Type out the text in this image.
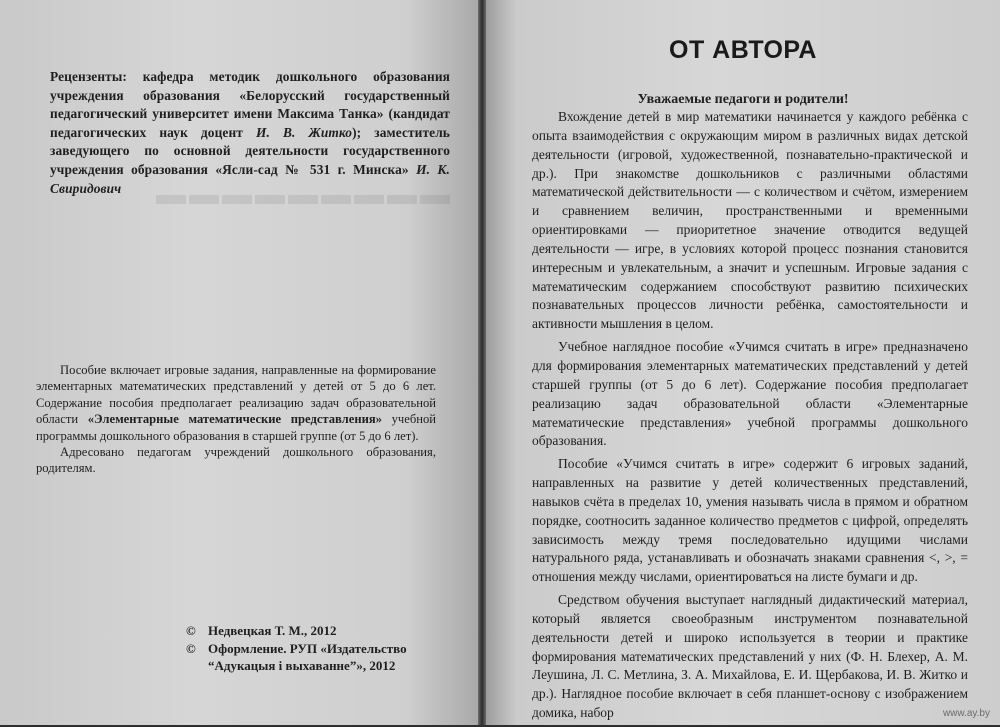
▬▬▬▬▬▬▬▬▬
Рецензенты: кафедра методик дошкольного образования учреждения образования «Белорусский государственный педагогический университет имени Максима Танка» (кандидат педагогических наук доцент И. В. Житко); заместитель заведующего по основной деятельности государственного учреждения образования «Ясли-сад № 531 г. Минска» И. К. Свиридович

Пособие включает игровые задания, направленные на формирование элементарных математических представлений у детей от 5 до 6 лет. Содержание пособия предполагает реализацию задач образовательной области «Элементарные математические представления» учебной программы дошкольного образования в старшей группе (от 5 до 6 лет).

Адресовано педагогам учреждений дошкольного образования, родителям.

© Недвецкая Т. М., 2012
© Оформление. РУП «Издательство
“Адукацыя і выхаванне”», 2012
ОТ АВТОРА
Уважаемые педагоги и родители!

Вхождение детей в мир математики начинается у каждого ребёнка с опыта взаимодействия с окружающим миром в различных видах детской деятельности (игровой, художественной, познавательно-практической и др.). При знакомстве дошкольников с различными областями математической действительности — с количеством и счётом, измерением и сравнением величин, пространственными и временными ориентировками — приоритетное значение отводится ведущей деятельности — игре, в условиях которой процесс познания становится интересным и увлекательным, а значит и успешным. Игровые задания с математическим содержанием способствуют развитию психических познавательных процессов личности ребёнка, самостоятельности и активности мышления в целом.

Учебное наглядное пособие «Учимся считать в игре» предназначено для формирования элементарных математических представлений у детей старшей группы (от 5 до 6 лет). Содержание пособия предполагает реализацию задач образовательной области «Элементарные математические представления» учебной программы дошкольного образования.

Пособие «Учимся считать в игре» содержит 6 игровых заданий, направленных на развитие у детей количественных представлений, навыков счёта в пределах 10, умения называть числа в прямом и обратном порядке, соотносить заданное количество предметов с цифрой, определять зависимость между тремя последовательно идущими числами натурального ряда, устанавливать и обозначать знаками сравнения <, >, = отношения между числами, ориентироваться на листе бумаги и др.

Средством обучения выступает наглядный дидактический материал, который является своеобразным инструментом познавательной деятельности детей и широко используется в теории и практике формирования математических представлений у них (Ф. Н. Блехер, А. М. Леушина, Л. С. Метлина, З. А. Михайлова, Е. И. Щербакова, И. В. Житко и др.). Наглядное пособие включает в себя планшет-основу с изображением домика, набор	www.ay.by
